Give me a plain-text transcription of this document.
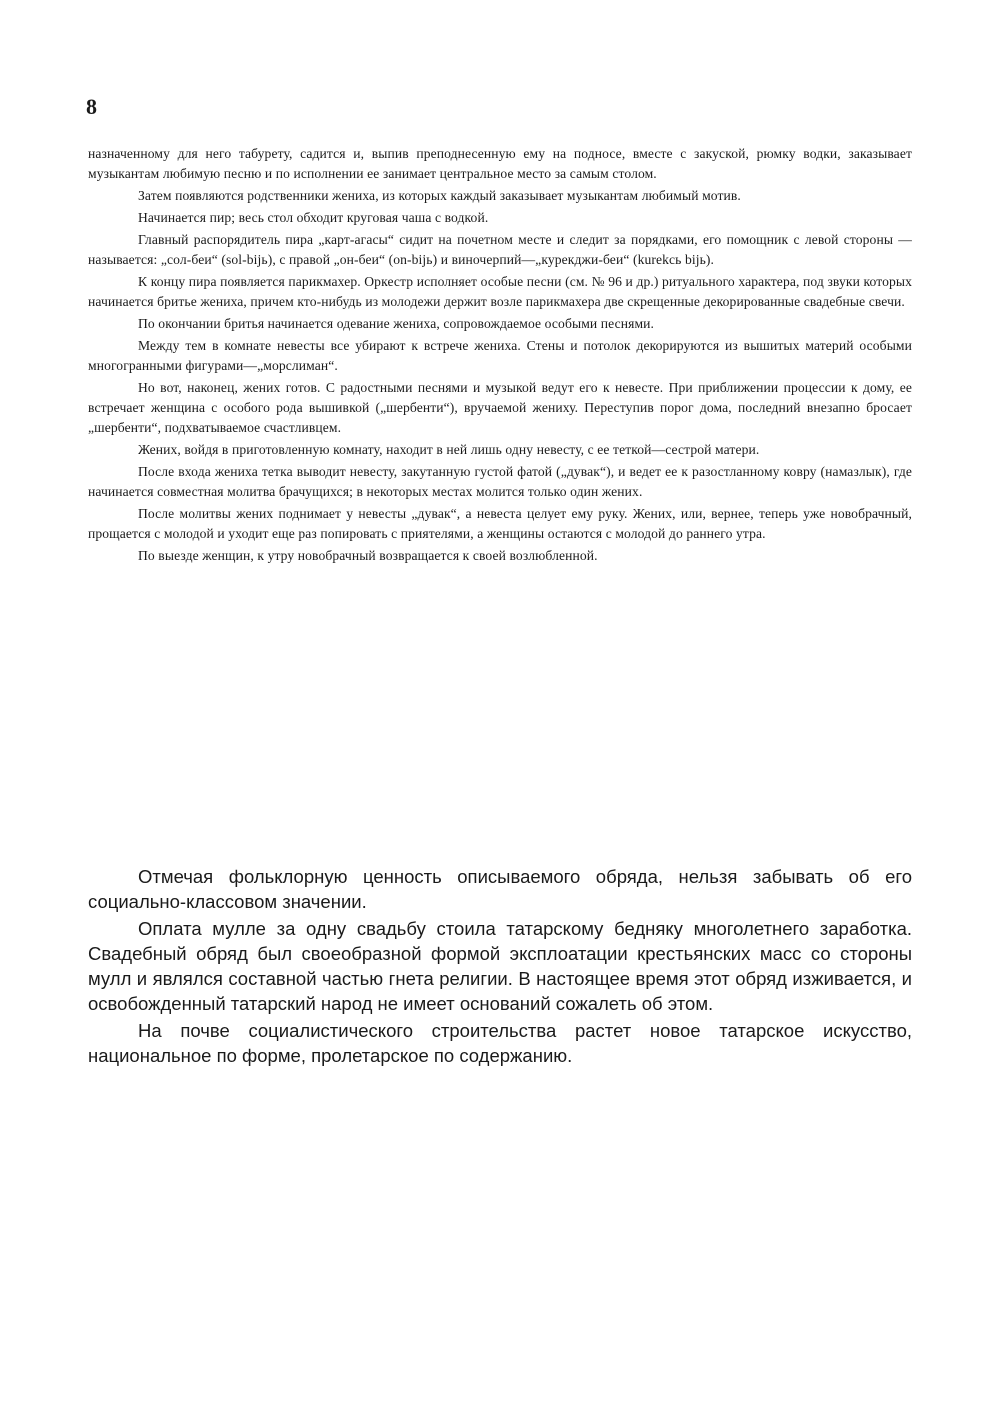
8

назначенному для него табурету, садится и, выпив преподнесенную ему на подносе, вместе с закуской, рюмку водки, заказывает музыкантам любимую песню и по исполнении ее занимает центральное место за самым столом.

Затем появляются родственники жениха, из которых каждый заказывает музыкантам любимый мотив.

Начинается пир; весь стол обходит круговая чаша с водкой.

Главный распорядитель пира „карт-агасы“ сидит на почетном месте и следит за порядками, его помощник с левой стороны — называется: „сол-беи“ (sol-bijь), с правой „он-беи“ (on-bijь) и виночерпий—„курекджи-беи“ (kurekcь bijь).

К концу пира появляется парикмахер. Оркестр исполняет особые песни (см. № 96 и др.) ритуального характера, под звуки которых начинается бритье жениха, причем кто-нибудь из молодежи держит возле парикмахера две скрещенные декорированные свадебные свечи.

По окончании бритья начинается одевание жениха, сопровождаемое особыми песнями.

Между тем в комнате невесты все убирают к встрече жениха. Стены и потолок декорируются из вышитых материй особыми многогранными фигурами—„морслиман“.

Но вот, наконец, жених готов. С радостными песнями и музыкой ведут его к невесте. При приближении процессии к дому, ее встречает женщина с особого рода вышивкой („шербенти“), вручаемой жениху. Переступив порог дома, последний внезапно бросает „шербенти“, подхватываемое счастливцем.

Жених, войдя в приготовленную комнату, находит в ней лишь одну невесту, с ее теткой—сестрой матери.

После входа жениха тетка выводит невесту, закутанную густой фатой („дувак“), и ведет ее к разостланному ковру (намазлык), где начинается совместная молитва брачущихся; в некоторых местах молится только один жених.

После молитвы жених поднимает у невесты „дувак“, а невеста целует ему руку. Жених, или, вернее, теперь уже новобрачный, прощается с молодой и уходит еще раз попировать с приятелями, а женщины остаются с молодой до раннего утра.

По выезде женщин, к утру новобрачный возвращается к своей возлюбленной.

Отмечая фольклорную ценность описываемого обряда, нельзя забывать об его социально-классовом значении.

Оплата мулле за одну свадьбу стоила татарскому бедняку многолетнего заработка. Свадебный обряд был своеобразной формой эксплоатации крестьянских масс со стороны мулл и являлся составной частью гнета религии. В настоящее время этот обряд изживается, и освобожденный татарский народ не имеет оснований сожалеть об этом.

На почве социалистического строительства растет новое татарское искусство, национальное по форме, пролетарское по содержанию.
